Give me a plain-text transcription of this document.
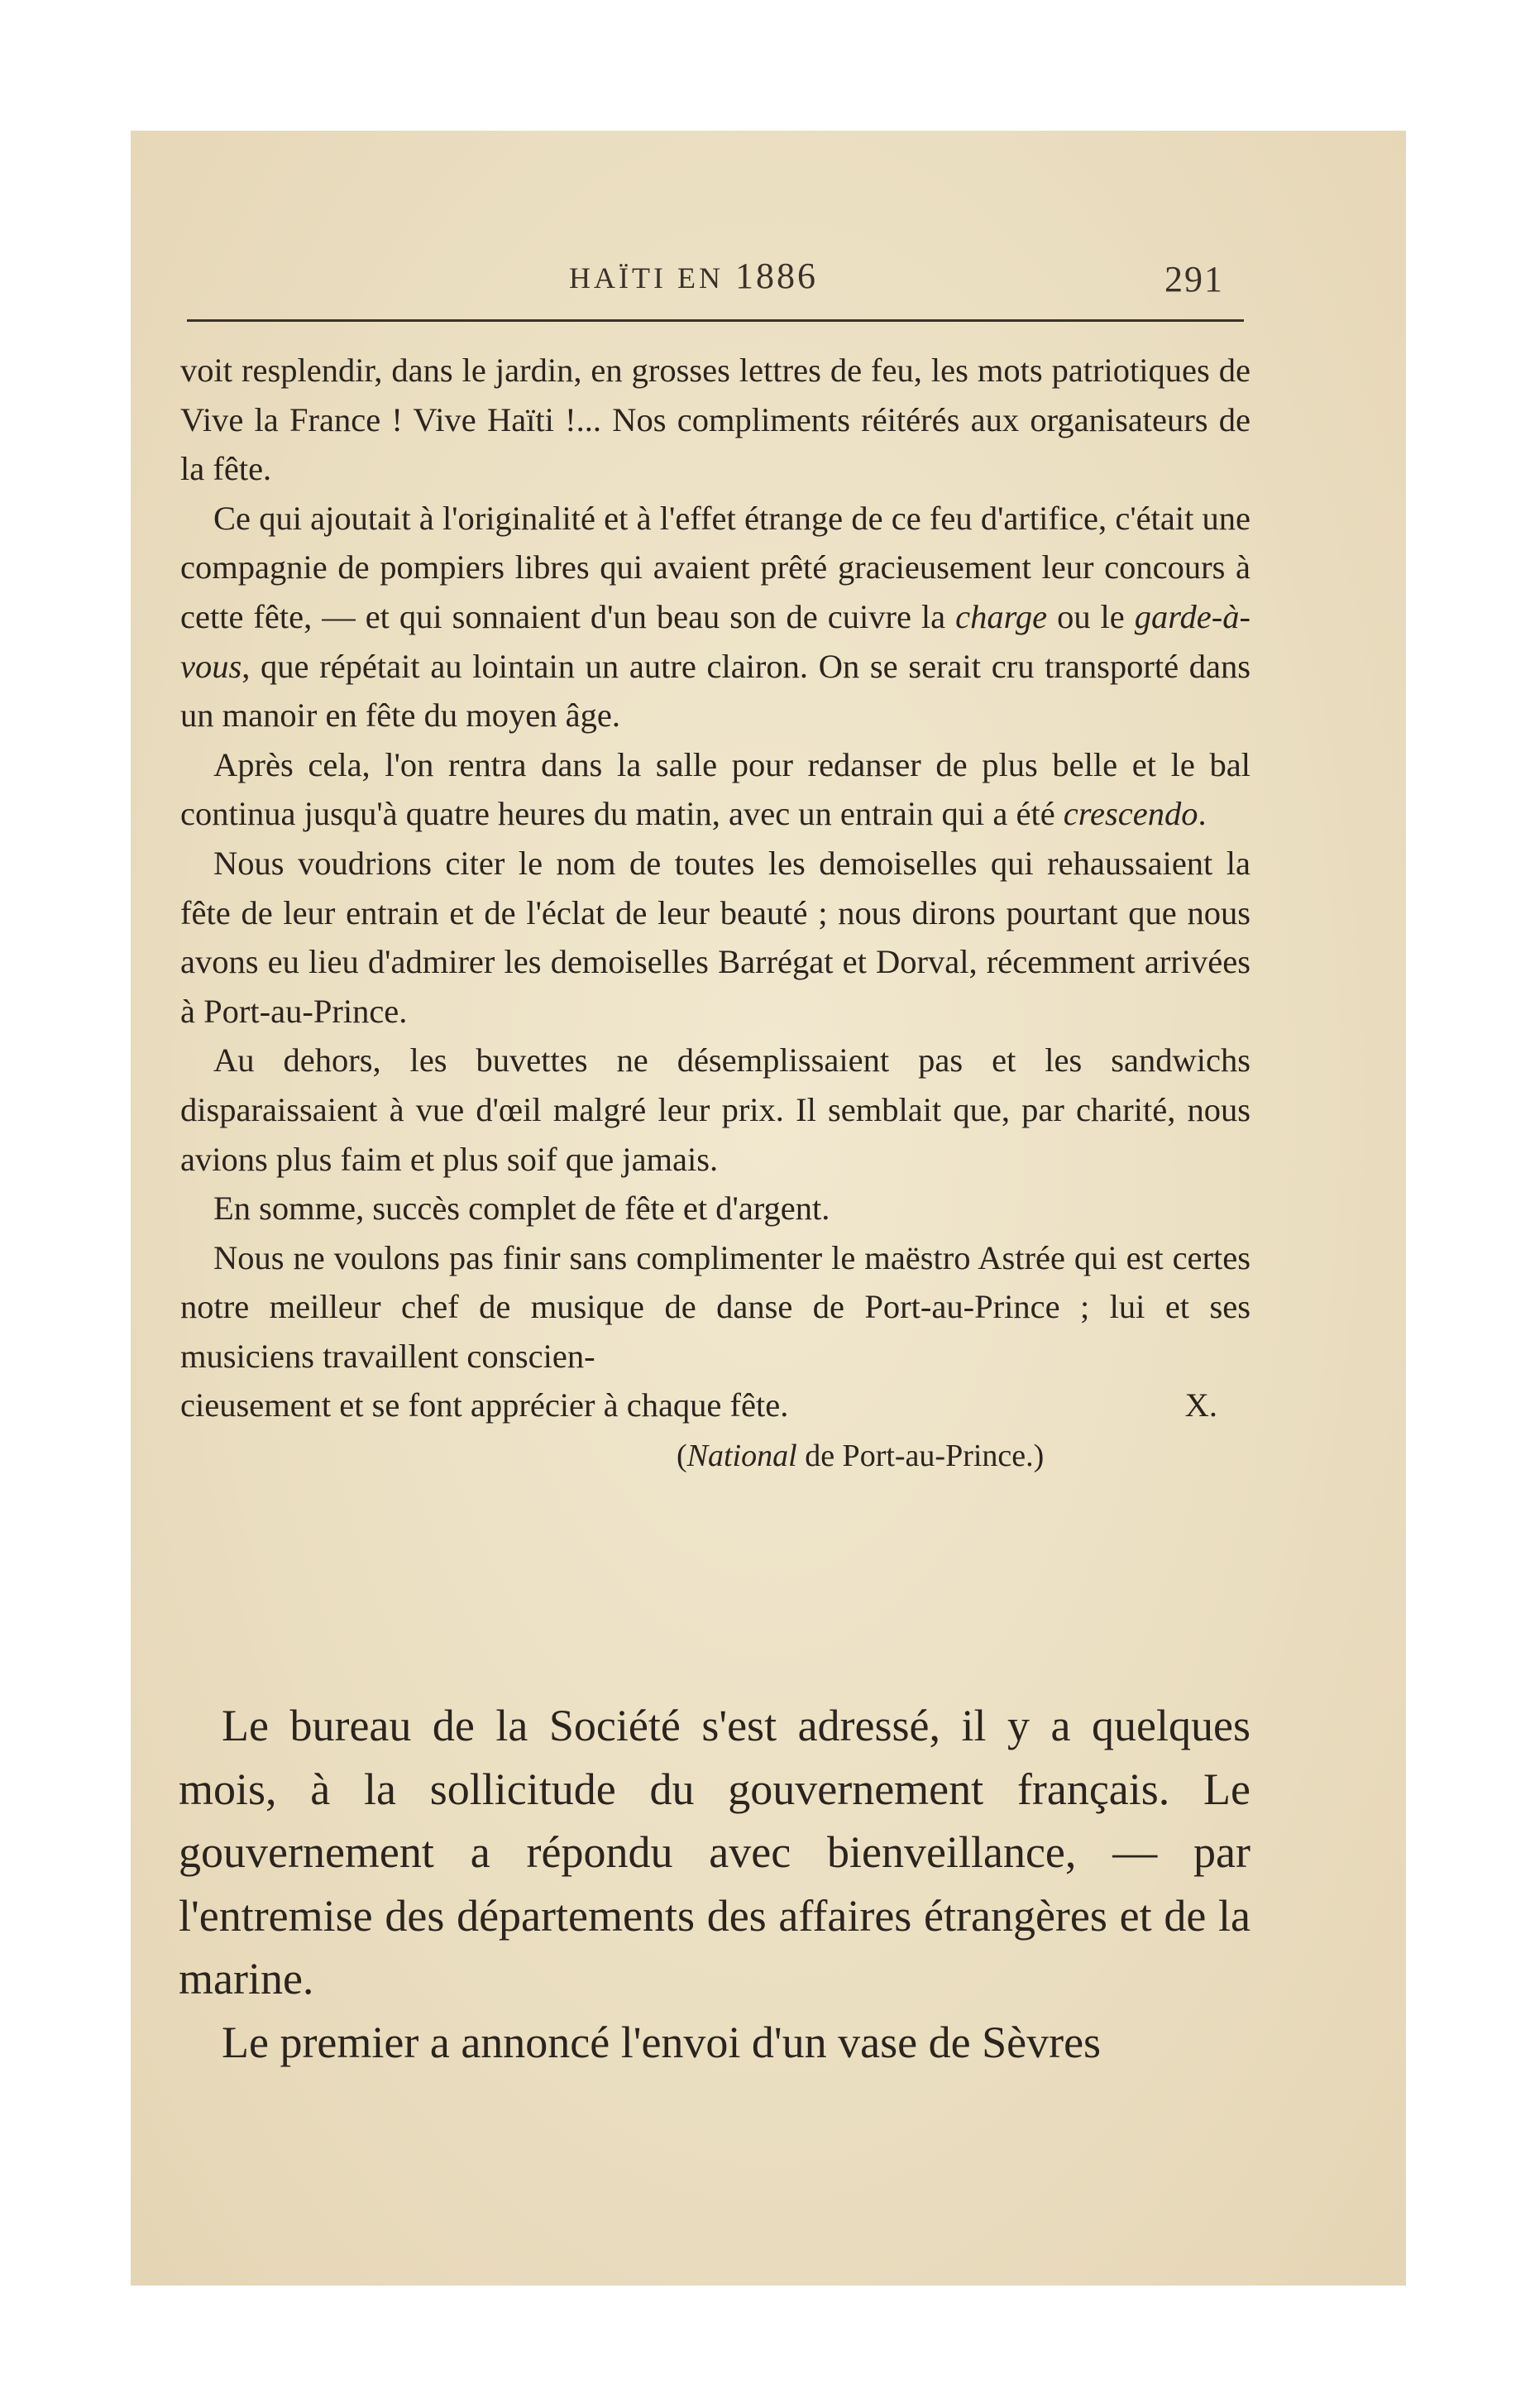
HAÏTI EN 1886	291

voit resplendir, dans le jardin, en grosses lettres de feu, les mots patriotiques de Vive la France ! Vive Haïti !... Nos compliments réitérés aux organisateurs de la fête.

Ce qui ajoutait à l'originalité et à l'effet étrange de ce feu d'artifice, c'était une compagnie de pompiers libres qui avaient prêté gracieusement leur concours à cette fête, — et qui sonnaient d'un beau son de cuivre la charge ou le garde-à-vous, que répétait au lointain un autre clairon. On se serait cru transporté dans un manoir en fête du moyen âge.

Après cela, l'on rentra dans la salle pour redanser de plus belle et le bal continua jusqu'à quatre heures du matin, avec un entrain qui a été crescendo.

Nous voudrions citer le nom de toutes les demoiselles qui rehaussaient la fête de leur entrain et de l'éclat de leur beauté ; nous dirons pourtant que nous avons eu lieu d'admirer les demoiselles Barrégat et Dorval, récemment arrivées à Port-au-Prince.

Au dehors, les buvettes ne désemplissaient pas et les sandwichs disparaissaient à vue d'œil malgré leur prix. Il semblait que, par charité, nous avions plus faim et plus soif que jamais.

En somme, succès complet de fête et d'argent.

Nous ne voulons pas finir sans complimenter le maëstro Astrée qui est certes notre meilleur chef de musique de danse de Port-au-Prince ; lui et ses musiciens travaillent conscien-

cieusement et se font apprécier à chaque fête.	X.

(National de Port-au-Prince.)

Le bureau de la Société s'est adressé, il y a quelques mois, à la sollicitude du gouvernement français. Le gouvernement a répondu avec bienveillance, — par l'entremise des départements des affaires étrangères et de la marine.

Le premier a annoncé l'envoi d'un vase de Sèvres
